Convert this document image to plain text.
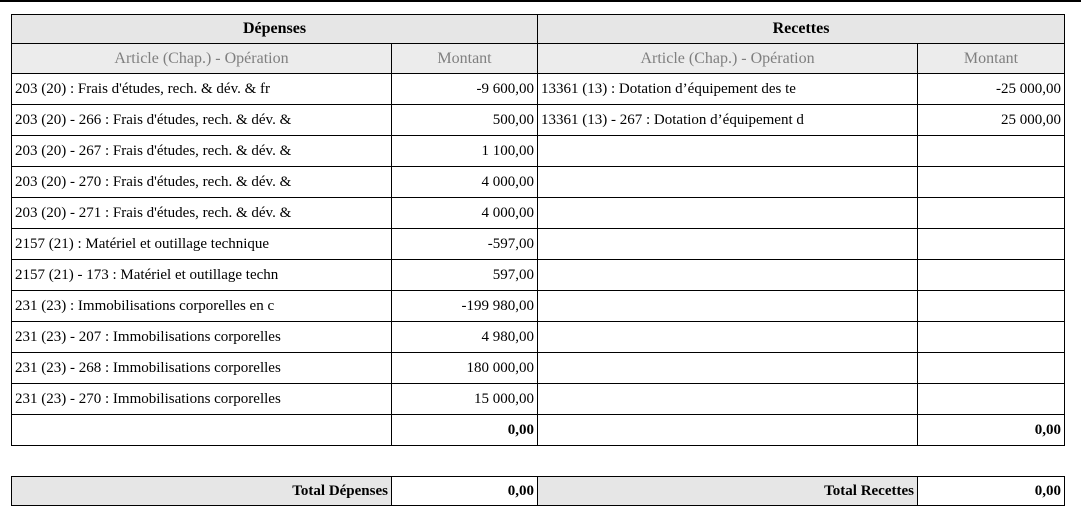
Dépenses		Recettes	
Article (Chap.) - Opération	Montant	Article (Chap.) - Opération	Montant
203 (20) : Frais d'études, rech. & dév. & fr	-9 600,00	13361 (13) : Dotation d’équipement des te	-25 000,00
203 (20) - 266 : Frais d'études, rech. & dév. &	500,00	13361 (13) - 267 : Dotation d’équipement d	25 000,00
203 (20) - 267 : Frais d'études, rech. & dév. &	1 100,00		
203 (20) - 270 : Frais d'études, rech. & dév. &	4 000,00		
203 (20) - 271 : Frais d'études, rech. & dév. &	4 000,00		
2157 (21) : Matériel et outillage technique	-597,00		
2157 (21) - 173 : Matériel et outillage techn	597,00		
231 (23) : Immobilisations corporelles en c	-199 980,00		
231 (23) - 207 : Immobilisations corporelles	4 980,00		
231 (23) - 268 : Immobilisations corporelles	180 000,00		
231 (23) - 270 : Immobilisations corporelles	15 000,00		
	0,00		0,00
Total Dépenses	0,00	Total Recettes	0,00
